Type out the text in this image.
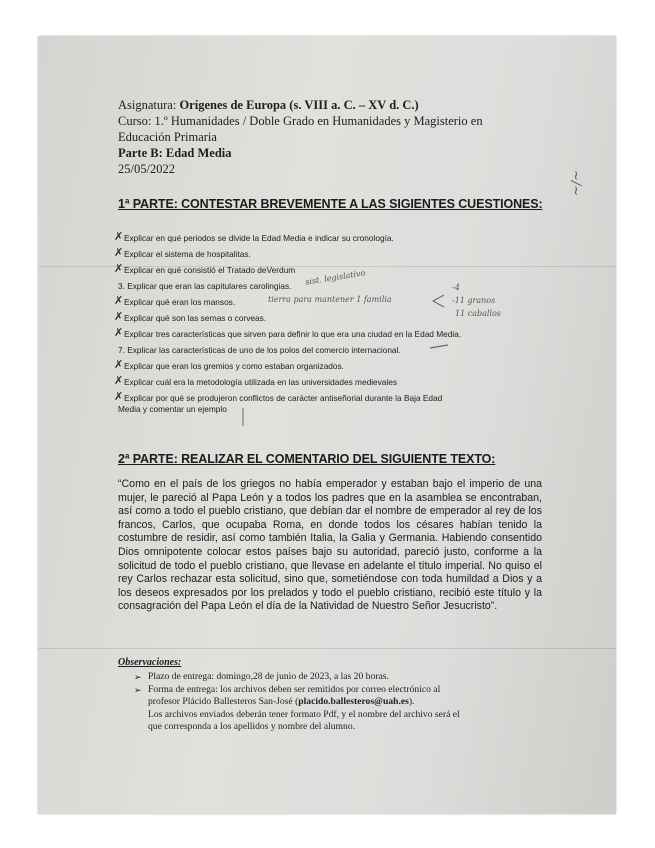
Asignatura: Orígenes de Europa (s. VIII a. C. – XV d. C.)
Curso: 1.º Humanidades / Doble Grado en Humanidades y Magisterio en
Educación Primaria
Parte B: Edad Media
25/05/2022
1ª PARTE: CONTESTAR BREVEMENTE A LAS SIGIENTES CUESTIONES:
✗ Explicar en qué periodos se divide la Edad Media e indicar su cronología.
✗ Explicar el sistema de hospitalitas.
✗ Explicar en qué consistió el Tratado deVerdum
3. Explicar que eran las capitulares carolingias.
✗ Explicar qué eran los mansos.
✗ Explicar qué son las sernas o corveas.
✗ Explicar tres características que sirven para definir lo que era una ciudad en la Edad Media.
7. Explicar las características de uno de los polos del comercio internacional.
✗ Explicar que eran los gremios y como estaban organizados.
✗ Explicar cuál era la metodología utilizada en las universidades medievales
✗ Explicar por qué se produjeron conflictos de carácter antiseñorial durante la Baja Edad
Media y comentar un ejemplo
sist. legislativo
tierra para mantener 1 familia
-4
-11 granos
11 caballos
~/~
2ª PARTE: REALIZAR EL COMENTARIO DEL SIGUIENTE TEXTO:
“Como en el país de los griegos no había emperador y estaban bajo el imperio de una mujer, le pareció al Papa León y a todos los padres que en la asamblea se encontraban, así como a todo el pueblo cristiano, que debían dar el nombre de emperador al rey de los francos, Carlos, que ocupaba Roma, en donde todos los césares habían tenido la costumbre de residir, así como también Italia, la Galia y Germania. Habiendo consentido Dios omnipotente colocar estos países bajo su autoridad, pareció justo, conforme a la solicitud de todo el pueblo cristiano, que llevase en adelante el título imperial. No quiso el rey Carlos rechazar esta solicitud, sino que, sometiéndose con toda humildad a Dios y a los deseos expresados por los prelados y todo el pueblo cristiano, recibió este título y la consagración del Papa León el día de la Natividad de Nuestro Señor Jesucristo”.
Observaciones:
➢ Plazo de entrega: domingo,28 de junio de 2023, a las 20 horas.
➢ Forma de entrega: los archivos deben ser remitidos por correo electrónico al
profesor Plácido Ballesteros San-José (placido.ballesteros@uah.es).
Los archivos enviados deberán tener formato Pdf, y el nombre del archivo será el
que corresponda a los apellidos y nombre del alumno.
